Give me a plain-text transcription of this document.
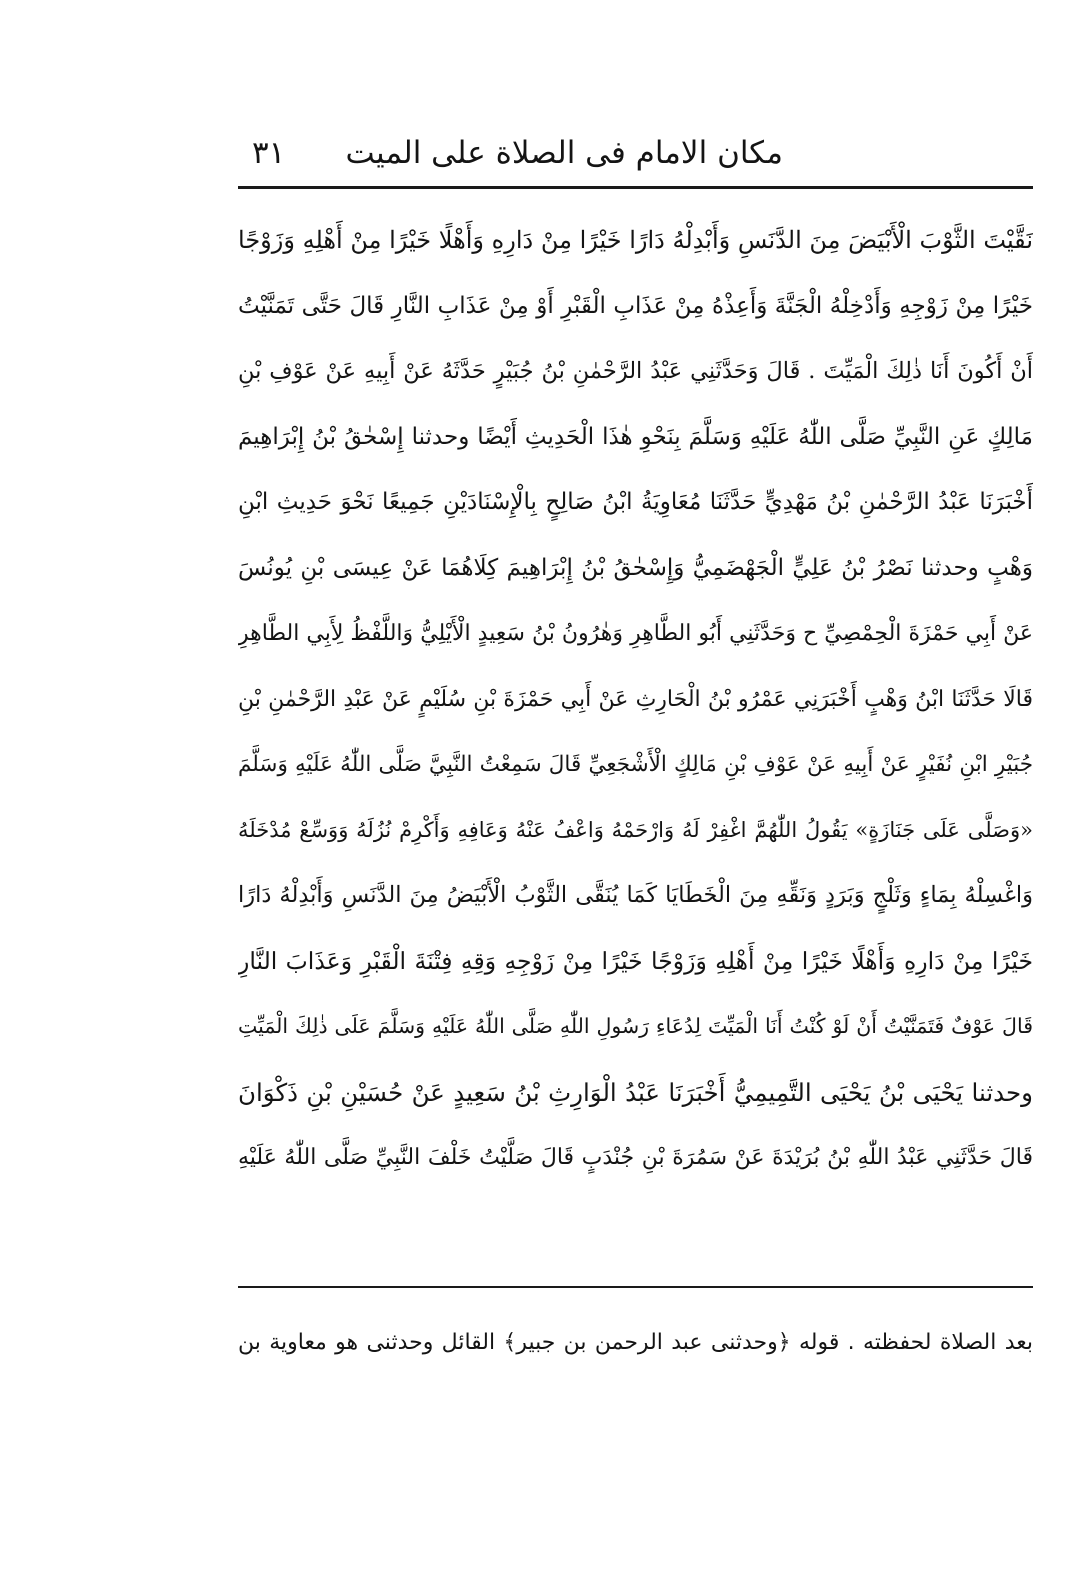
مكان الامام فى الصلاة على الميت
٣١
نَقَّيْتَ الثَّوْبَ الْأَبْيَضَ مِنَ الدَّنَسِ وَأَبْدِلْهُ دَارًا خَيْرًا مِنْ دَارِهِ وَأَهْلًا خَيْرًا مِنْ أَهْلِهِ وَزَوْجًا
خَيْرًا مِنْ زَوْجِهِ وَأَدْخِلْهُ الْجَنَّةَ وَأَعِذْهُ مِنْ عَذَابِ الْقَبْرِ أَوْ مِنْ عَذَابِ النَّارِ قَالَ حَتَّى تَمَنَّيْتُ
أَنْ أَكُونَ أَنَا ذٰلِكَ الْمَيِّتَ . قَالَ وَحَدَّثَنِي عَبْدُ الرَّحْمٰنِ بْنُ جُبَيْرٍ حَدَّثَهُ عَنْ أَبِيهِ عَنْ عَوْفِ بْنِ
مَالِكٍ عَنِ النَّبِيِّ صَلَّى اللّٰهُ عَلَيْهِ وَسَلَّمَ بِنَحْوِ هٰذَا الْحَدِيثِ أَيْضًا وحدثنا إِسْحٰقُ بْنُ إِبْرَاهِيمَ
أَخْبَرَنَا عَبْدُ الرَّحْمٰنِ بْنُ مَهْدِيٍّ حَدَّثَنَا مُعَاوِيَةُ ابْنُ صَالِحٍ بِالْإِسْنَادَيْنِ جَمِيعًا نَحْوَ حَدِيثِ ابْنِ
وَهْبٍ وحدثنا نَصْرُ بْنُ عَلِيٍّ الْجَهْضَمِيُّ وَإِسْحٰقُ بْنُ إِبْرَاهِيمَ كِلَاهُمَا عَنْ عِيسَى بْنِ يُونُسَ
عَنْ أَبِي حَمْزَةَ الْحِمْصِيِّ ح وَحَدَّثَنِي أَبُو الطَّاهِرِ وَهٰرُونُ بْنُ سَعِيدٍ الْأَيْلِيُّ وَاللَّفْظُ لِأَبِي الطَّاهِرِ
قَالَا حَدَّثَنَا ابْنُ وَهْبٍ أَخْبَرَنِي عَمْرُو بْنُ الْحَارِثِ عَنْ أَبِي حَمْزَةَ بْنِ سُلَيْمٍ عَنْ عَبْدِ الرَّحْمٰنِ بْنِ
جُبَيْرِ ابْنِ نُفَيْرٍ عَنْ أَبِيهِ عَنْ عَوْفِ بْنِ مَالِكٍ الْأَشْجَعِيِّ قَالَ سَمِعْتُ النَّبِيَّ صَلَّى اللّٰهُ عَلَيْهِ وَسَلَّمَ
«وَصَلَّى عَلَى جَنَازَةٍ» يَقُولُ اللّٰهُمَّ اغْفِرْ لَهُ وَارْحَمْهُ وَاعْفُ عَنْهُ وَعَافِهِ وَأَكْرِمْ نُزُلَهُ وَوَسِّعْ مُدْخَلَهُ
وَاغْسِلْهُ بِمَاءٍ وَثَلْجٍ وَبَرَدٍ وَنَقِّهِ مِنَ الْخَطَايَا كَمَا يُنَقَّى الثَّوْبُ الْأَبْيَضُ مِنَ الدَّنَسِ وَأَبْدِلْهُ دَارًا
خَيْرًا مِنْ دَارِهِ وَأَهْلًا خَيْرًا مِنْ أَهْلِهِ وَزَوْجًا خَيْرًا مِنْ زَوْجِهِ وَقِهِ فِتْنَةَ الْقَبْرِ وَعَذَابَ النَّارِ
قَالَ عَوْفٌ فَتَمَنَّيْتُ أَنْ لَوْ كُنْتُ أَنَا الْمَيِّتَ لِدُعَاءِ رَسُولِ اللّٰهِ صَلَّى اللّٰهُ عَلَيْهِ وَسَلَّمَ عَلَى ذٰلِكَ الْمَيِّتِ
وحدثنا يَحْيَى بْنُ يَحْيَى التَّمِيمِيُّ أَخْبَرَنَا عَبْدُ الْوَارِثِ بْنُ سَعِيدٍ عَنْ حُسَيْنِ بْنِ ذَكْوَانَ
قَالَ حَدَّثَنِي عَبْدُ اللّٰهِ بْنُ بُرَيْدَةَ عَنْ سَمُرَةَ بْنِ جُنْدَبٍ قَالَ صَلَّيْتُ خَلْفَ النَّبِيِّ صَلَّى اللّٰهُ عَلَيْهِ
بعد الصلاة لحفظته . قوله ﴿وحدثنى عبد الرحمن بن جبير﴾ القائل وحدثنى هو معاوية بن
